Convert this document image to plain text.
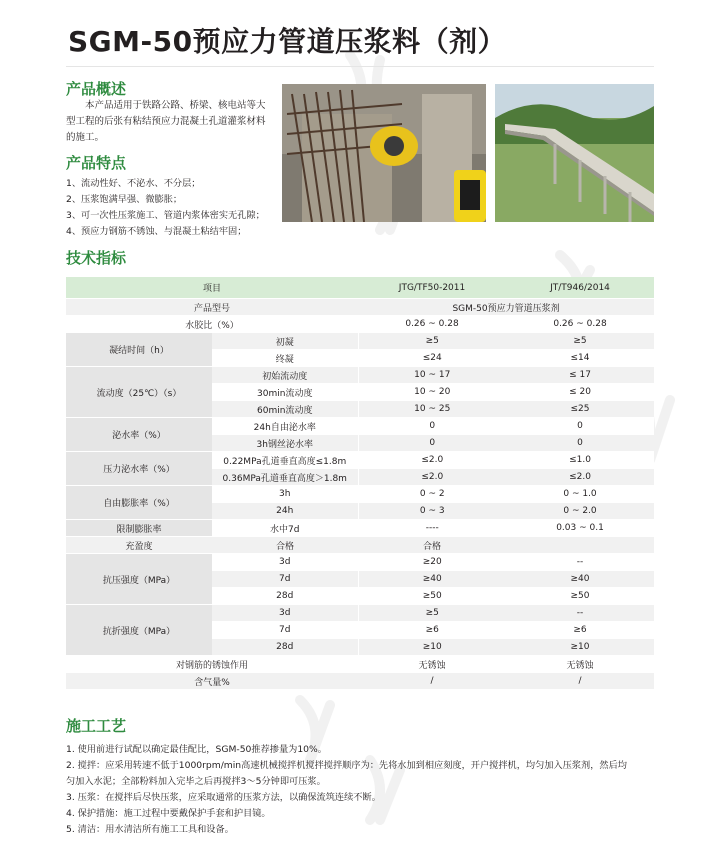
SGM-50预应力管道压浆料（剂）
产品概述

本产品适用于铁路公路、桥梁、核电站等大型工程的后张有粘结预应力混凝土孔道灌浆材料的施工。

产品特点
1、流动性好、不泌水、不分层；
2、压浆饱满早强、微膨胀；
3、可一次性压浆施工、管道内浆体密实无孔隙；
4、预应力钢筋不锈蚀、与混凝土粘结牢固；
技术指标
项目		JTG/TF50-2011	JT/T946/2014
产品型号		SGM-50预应力管道压浆剂	
水胶比（%）		0.26 ~ 0.28	0.26 ~ 0.28
凝结时间（h）	初凝	≥5	≥5
	终凝	≤24	≤14
流动度（25℃）（s）	初始流动度	10 ~ 17	≤ 17
	30min流动度	10 ~ 20	≤ 20
	60min流动度	10 ~ 25	≤25
泌水率（%）	24h自由泌水率	0	0
	3h钢丝泌水率	0	0
压力泌水率（%）	0.22MPa孔道垂直高度≤1.8m	≤2.0	≤1.0
	0.36MPa孔道垂直高度＞1.8m	≤2.0	≤2.0
自由膨胀率（%）	3h	0 ~ 2	0 ~ 1.0
	24h	0 ~ 3	0 ~ 2.0
限制膨胀率	水中7d	----	0.03 ~ 0.1
充盈度	合格	合格	
抗压强度（MPa）	3d	≥20	--
	7d	≥40	≥40
	28d	≥50	≥50
抗折强度（MPa）	3d	≥5	--
	7d	≥6	≥6
	28d	≥10	≥10
对钢筋的锈蚀作用		无锈蚀	无锈蚀
含气量%		/	/
施工工艺
1. 使用前进行试配以确定最佳配比，SGM-50推荐掺量为10%。
2. 搅拌：应采用转速不低于1000rpm/min高速机械搅拌机搅拌搅拌顺序为：先将水加到相应刻度，开户搅拌机，均匀加入压浆剂，然后均
匀加入水泥；全部粉料加入完毕之后再搅拌3～5分钟即可压浆。
3. 压浆：在搅拌后尽快压浆，应采取通常的压浆方法，以确保流筑连续不断。
4. 保护措施：施工过程中要戴保护手套和护目镜。
5. 清洁：用水清洁所有施工工具和设备。
